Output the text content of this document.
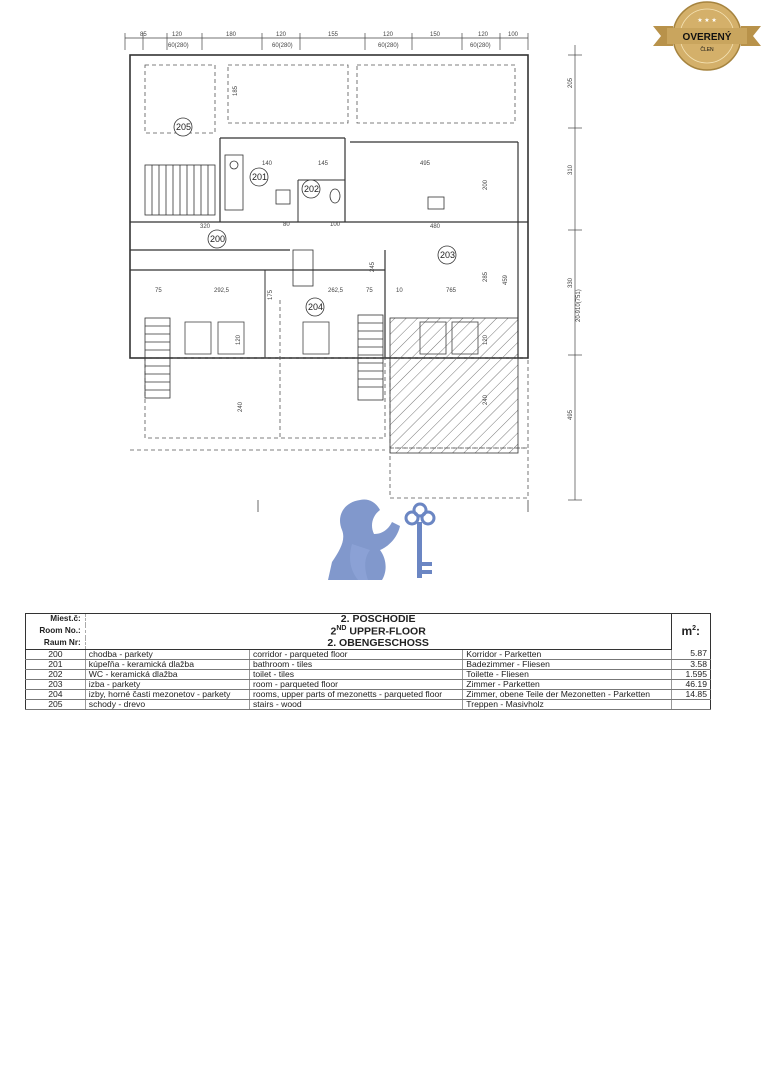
85	120	180	120	155	120	150	120	100
60(280)	60(280)	60(280)	60(280)
205
310
330
20-910(751)
495
140	145	495
320	480
75	292,5	262,5	75	765
10
100
80
185
200
120
285 459
240
240
120
175
245
205
201
202
200
203
204
OVERENÝ
ČLEN
★ ★ ★
Miest.č:	2. POSCHODIE			$m^2$:
Room No.:	2ND UPPER-FLOOR			
Raum Nr:	2. OBENGESCHOSS			
200	chodba - parkety	corridor - parqueted floor	Korridor - Parketten	5.87
201	kúpeľňa - keramická dlažba	bathroom - tiles	Badezimmer - Fliesen	3.58
202	WC - keramická dlažba	toilet - tiles	Toilette - Fliesen	1.595
203	izba - parkety	room - parqueted floor	Zimmer - Parketten	46.19
204	izby, horné časti mezonetov - parkety	rooms, upper parts of mezonetts - parqueted floor	Zimmer, obene Teile der Mezonetten - Parketten	14.85
205	schody - drevo	stairs - wood	Treppen - Masivholz	
